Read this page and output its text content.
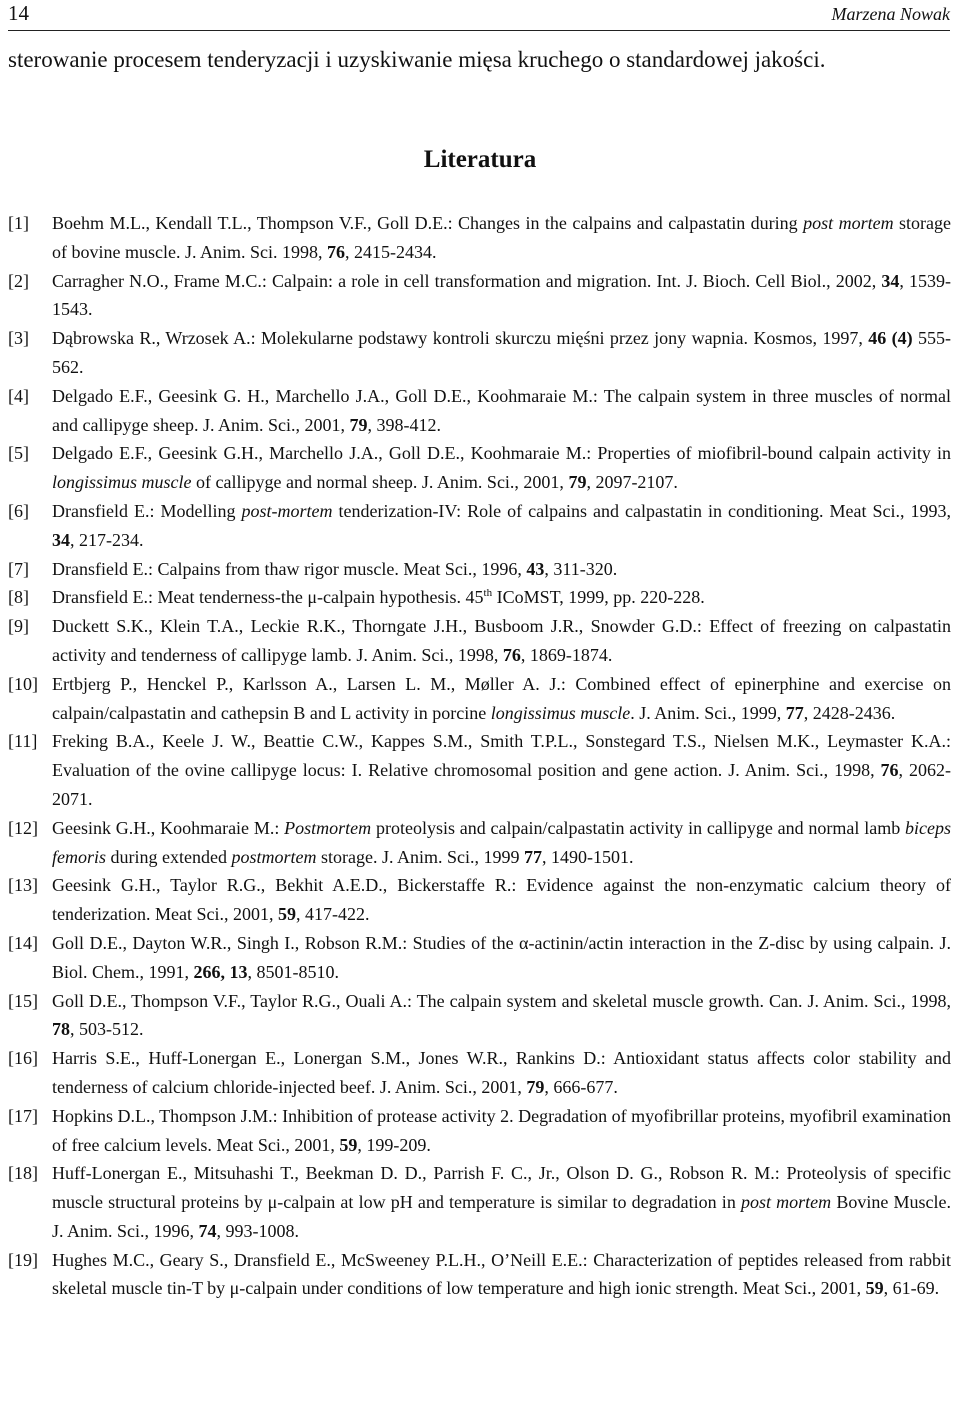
14	Marzena Nowak

sterowanie procesem tenderyzacji i uzyskiwanie mięsa kruchego o standardowej jakości.

Literatura
[1] Boehm M.L., Kendall T.L., Thompson V.F., Goll D.E.: Changes in the calpains and calpastatin during post mortem storage of bovine muscle. J. Anim. Sci. 1998, 76, 2415-2434.
[2] Carragher N.O., Frame M.C.: Calpain: a role in cell transformation and migration. Int. J. Bioch. Cell Biol., 2002, 34, 1539-1543.
[3] Dąbrowska R., Wrzosek A.: Molekularne podstawy kontroli skurczu mięśni przez jony wapnia. Kosmos, 1997, 46 (4) 555-562.
[4] Delgado E.F., Geesink G. H., Marchello J.A., Goll D.E., Koohmaraie M.: The calpain system in three muscles of normal and callipyge sheep. J. Anim. Sci., 2001, 79, 398-412.
[5] Delgado E.F., Geesink G.H., Marchello J.A., Goll D.E., Koohmaraie M.: Properties of miofibril-bound calpain activity in longissimus muscle of callipyge and normal sheep. J. Anim. Sci., 2001, 79, 2097-2107.
[6] Dransfield E.: Modelling post-mortem tenderization-IV: Role of calpains and calpastatin in conditioning. Meat Sci., 1993, 34, 217-234.
[7] Dransfield E.: Calpains from thaw rigor muscle. Meat Sci., 1996, 43, 311-320.
[8] Dransfield E.: Meat tenderness-the μ-calpain hypothesis. 45th ICoMST, 1999, pp. 220-228.
[9] Duckett S.K., Klein T.A., Leckie R.K., Thorngate J.H., Busboom J.R., Snowder G.D.: Effect of freezing on calpastatin activity and tenderness of callipyge lamb. J. Anim. Sci., 1998, 76, 1869-1874.
[10] Ertbjerg P., Henckel P., Karlsson A., Larsen L. M., Møller A. J.: Combined effect of epinerphine and exercise on calpain/calpastatin and cathepsin B and L activity in porcine longissimus muscle. J. Anim. Sci., 1999, 77, 2428-2436.
[11] Freking B.A., Keele J. W., Beattie C.W., Kappes S.M., Smith T.P.L., Sonstegard T.S., Nielsen M.K., Leymaster K.A.: Evaluation of the ovine callipyge locus: I. Relative chromosomal position and gene action. J. Anim. Sci., 1998, 76, 2062-2071.
[12] Geesink G.H., Koohmaraie M.: Postmortem proteolysis and calpain/calpastatin activity in callipyge and normal lamb biceps femoris during extended postmortem storage. J. Anim. Sci., 1999 77, 1490-1501.
[13] Geesink G.H., Taylor R.G., Bekhit A.E.D., Bickerstaffe R.: Evidence against the non-enzymatic calcium theory of tenderization. Meat Sci., 2001, 59, 417-422.
[14] Goll D.E., Dayton W.R., Singh I., Robson R.M.: Studies of the α-actinin/actin interaction in the Z-disc by using calpain. J. Biol. Chem., 1991, 266, 13, 8501-8510.
[15] Goll D.E., Thompson V.F., Taylor R.G., Ouali A.: The calpain system and skeletal muscle growth. Can. J. Anim. Sci., 1998, 78, 503-512.
[16] Harris S.E., Huff-Lonergan E., Lonergan S.M., Jones W.R., Rankins D.: Antioxidant status affects color stability and tenderness of calcium chloride-injected beef. J. Anim. Sci., 2001, 79, 666-677.
[17] Hopkins D.L., Thompson J.M.: Inhibition of protease activity 2. Degradation of myofibrillar proteins, myofibril examination of free calcium levels. Meat Sci., 2001, 59, 199-209.
[18] Huff-Lonergan E., Mitsuhashi T., Beekman D. D., Parrish F. C., Jr., Olson D. G., Robson R. M.: Proteolysis of specific muscle structural proteins by μ-calpain at low pH and temperature is similar to degradation in post mortem Bovine Muscle. J. Anim. Sci., 1996, 74, 993-1008.
[19] Hughes M.C., Geary S., Dransfield E., McSweeney P.L.H., O’Neill E.E.: Characterization of peptides released from rabbit skeletal muscle tin-T by μ-calpain under conditions of low temperature and high ionic strength. Meat Sci., 2001, 59, 61-69.
